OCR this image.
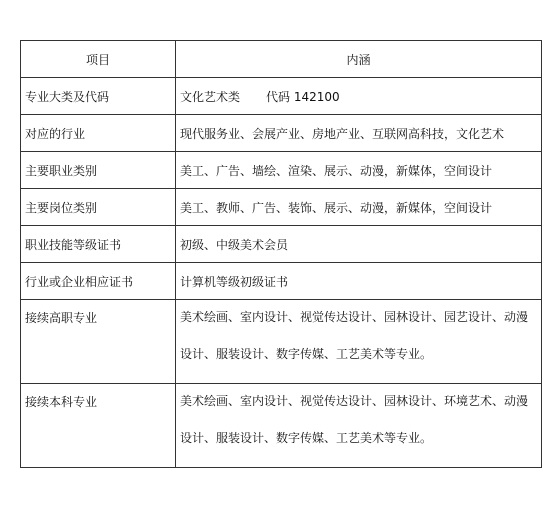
项目	内涵
专业大类及代码	文化艺术类 代码 142100
对应的行业	现代服务业、会展产业、房地产业、互联网高科技，文化艺术
主要职业类别	美工、广告、墙绘、渲染、展示、动漫，新媒体，空间设计
主要岗位类别	美工、教师、广告、装饰、展示、动漫，新媒体，空间设计
职业技能等级证书	初级、中级美术会员
行业或企业相应证书	计算机等级初级证书
接续高职专业	美术绘画、室内设计、视觉传达设计、园林设计、园艺设计、动漫
设计、服装设计、数字传媒、工艺美术等专业。

接续本科专业	美术绘画、室内设计、视觉传达设计、园林设计、环境艺术、动漫
设计、服装设计、数字传媒、工艺美术等专业。
